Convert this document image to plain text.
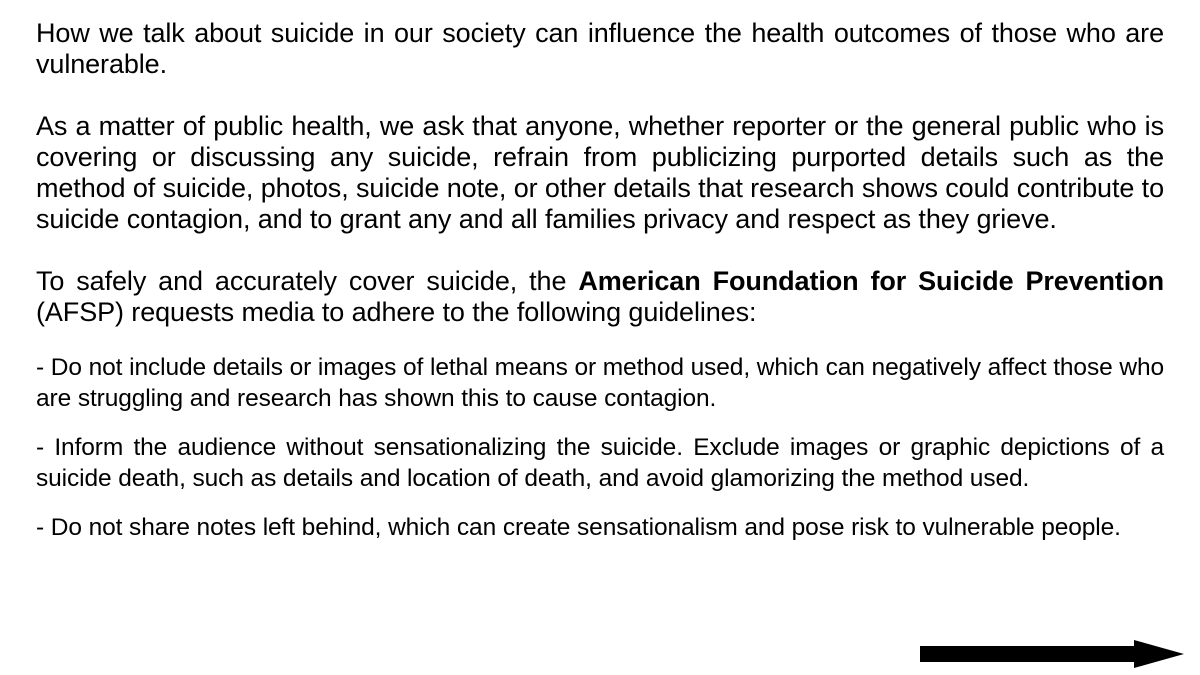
How we talk about suicide in our society can influence the health outcomes of those who are vulnerable.

As a matter of public health, we ask that anyone, whether reporter or the general public who is covering or discussing any suicide, refrain from publicizing purported details such as the method of suicide, photos, suicide note, or other details that research shows could contribute to suicide contagion, and to grant any and all families privacy and respect as they grieve.

To safely and accurately cover suicide, the American Foundation for Suicide Prevention (AFSP) requests media to adhere to the following guidelines:

- Do not include details or images of lethal means or method used, which can negatively affect those who are struggling and research has shown this to cause contagion.

- Inform the audience without sensationalizing the suicide. Exclude images or graphic depictions of a suicide death, such as details and location of death, and avoid glamorizing the method used.

- Do not share notes left behind, which can create sensationalism and pose risk to vulnerable people.
